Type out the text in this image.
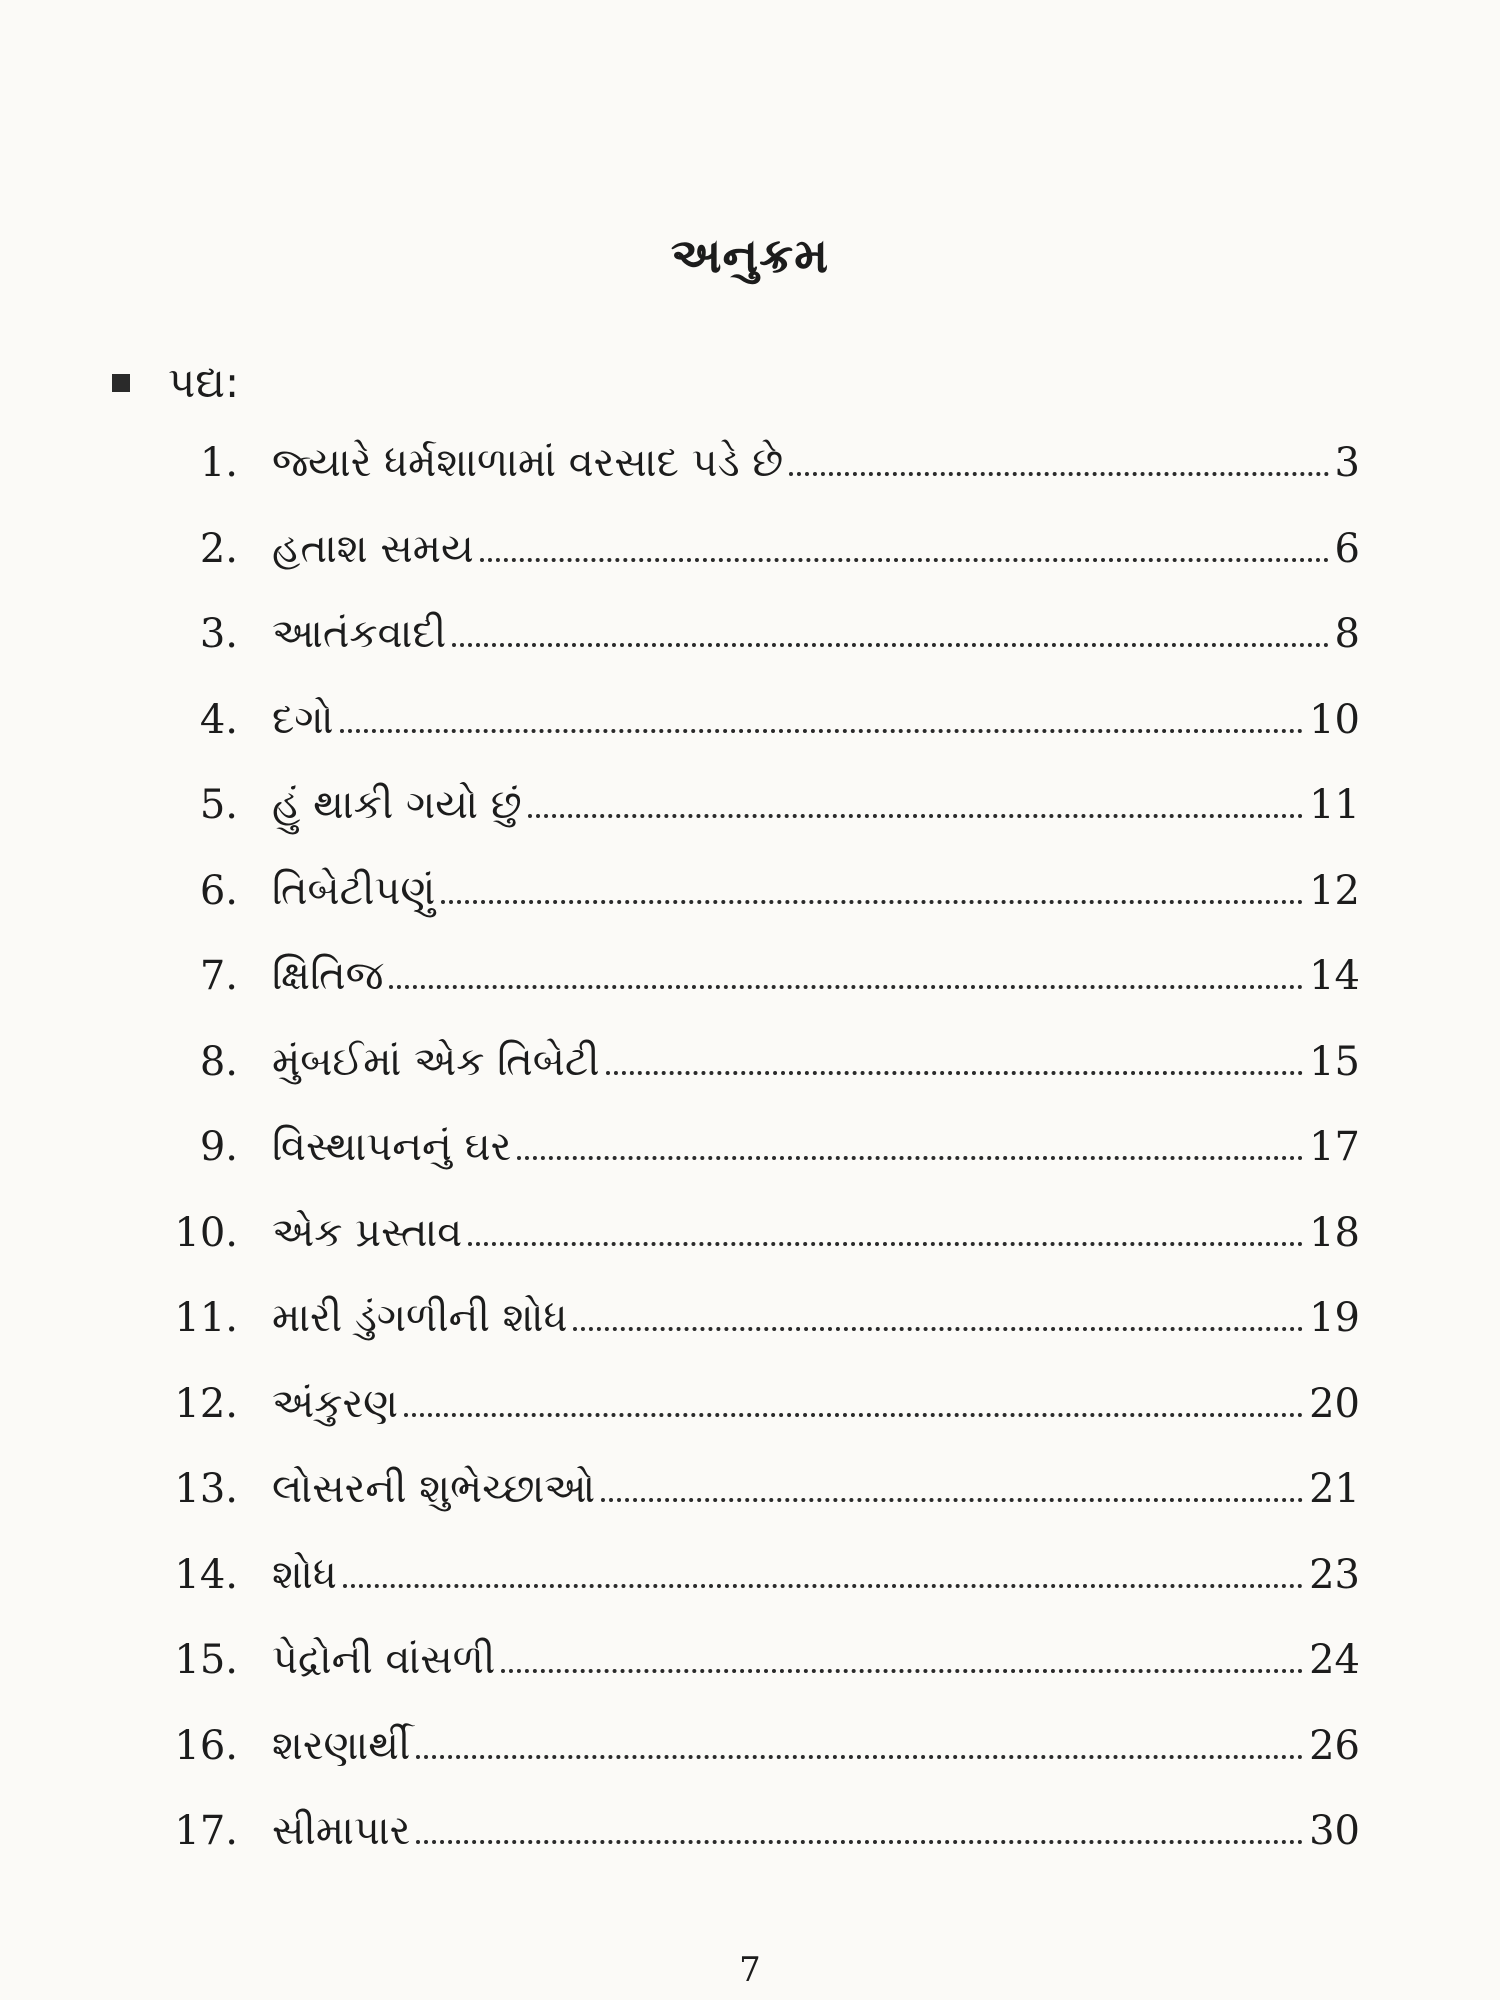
અનુક્રમ
પદ્ય:
1. જ્યારે ધર્મશાળામાં વરસાદ પડે છે	3
2. હતાશ સમય	6
3. આતંકવાદી	8
4. દગો	10
5. હું થાકી ગયો છું	11
6. તિબેટીપણું	12
7. ક્ષિતિજ	14
8. મુંબઈમાં એક તિબેટી	15
9. વિસ્થાપનનું ઘર	17
10. એક પ્રસ્તાવ	18
11. મારી ડુંગળીની શોધ	19
12. અંકુરણ	20
13. લોસરની શુભેચ્છાઓ	21
14. શોધ	23
15. પેદ્રોની વાંસળી	24
16. શરણાર્થી	26
17. સીમાપાર	30
7
